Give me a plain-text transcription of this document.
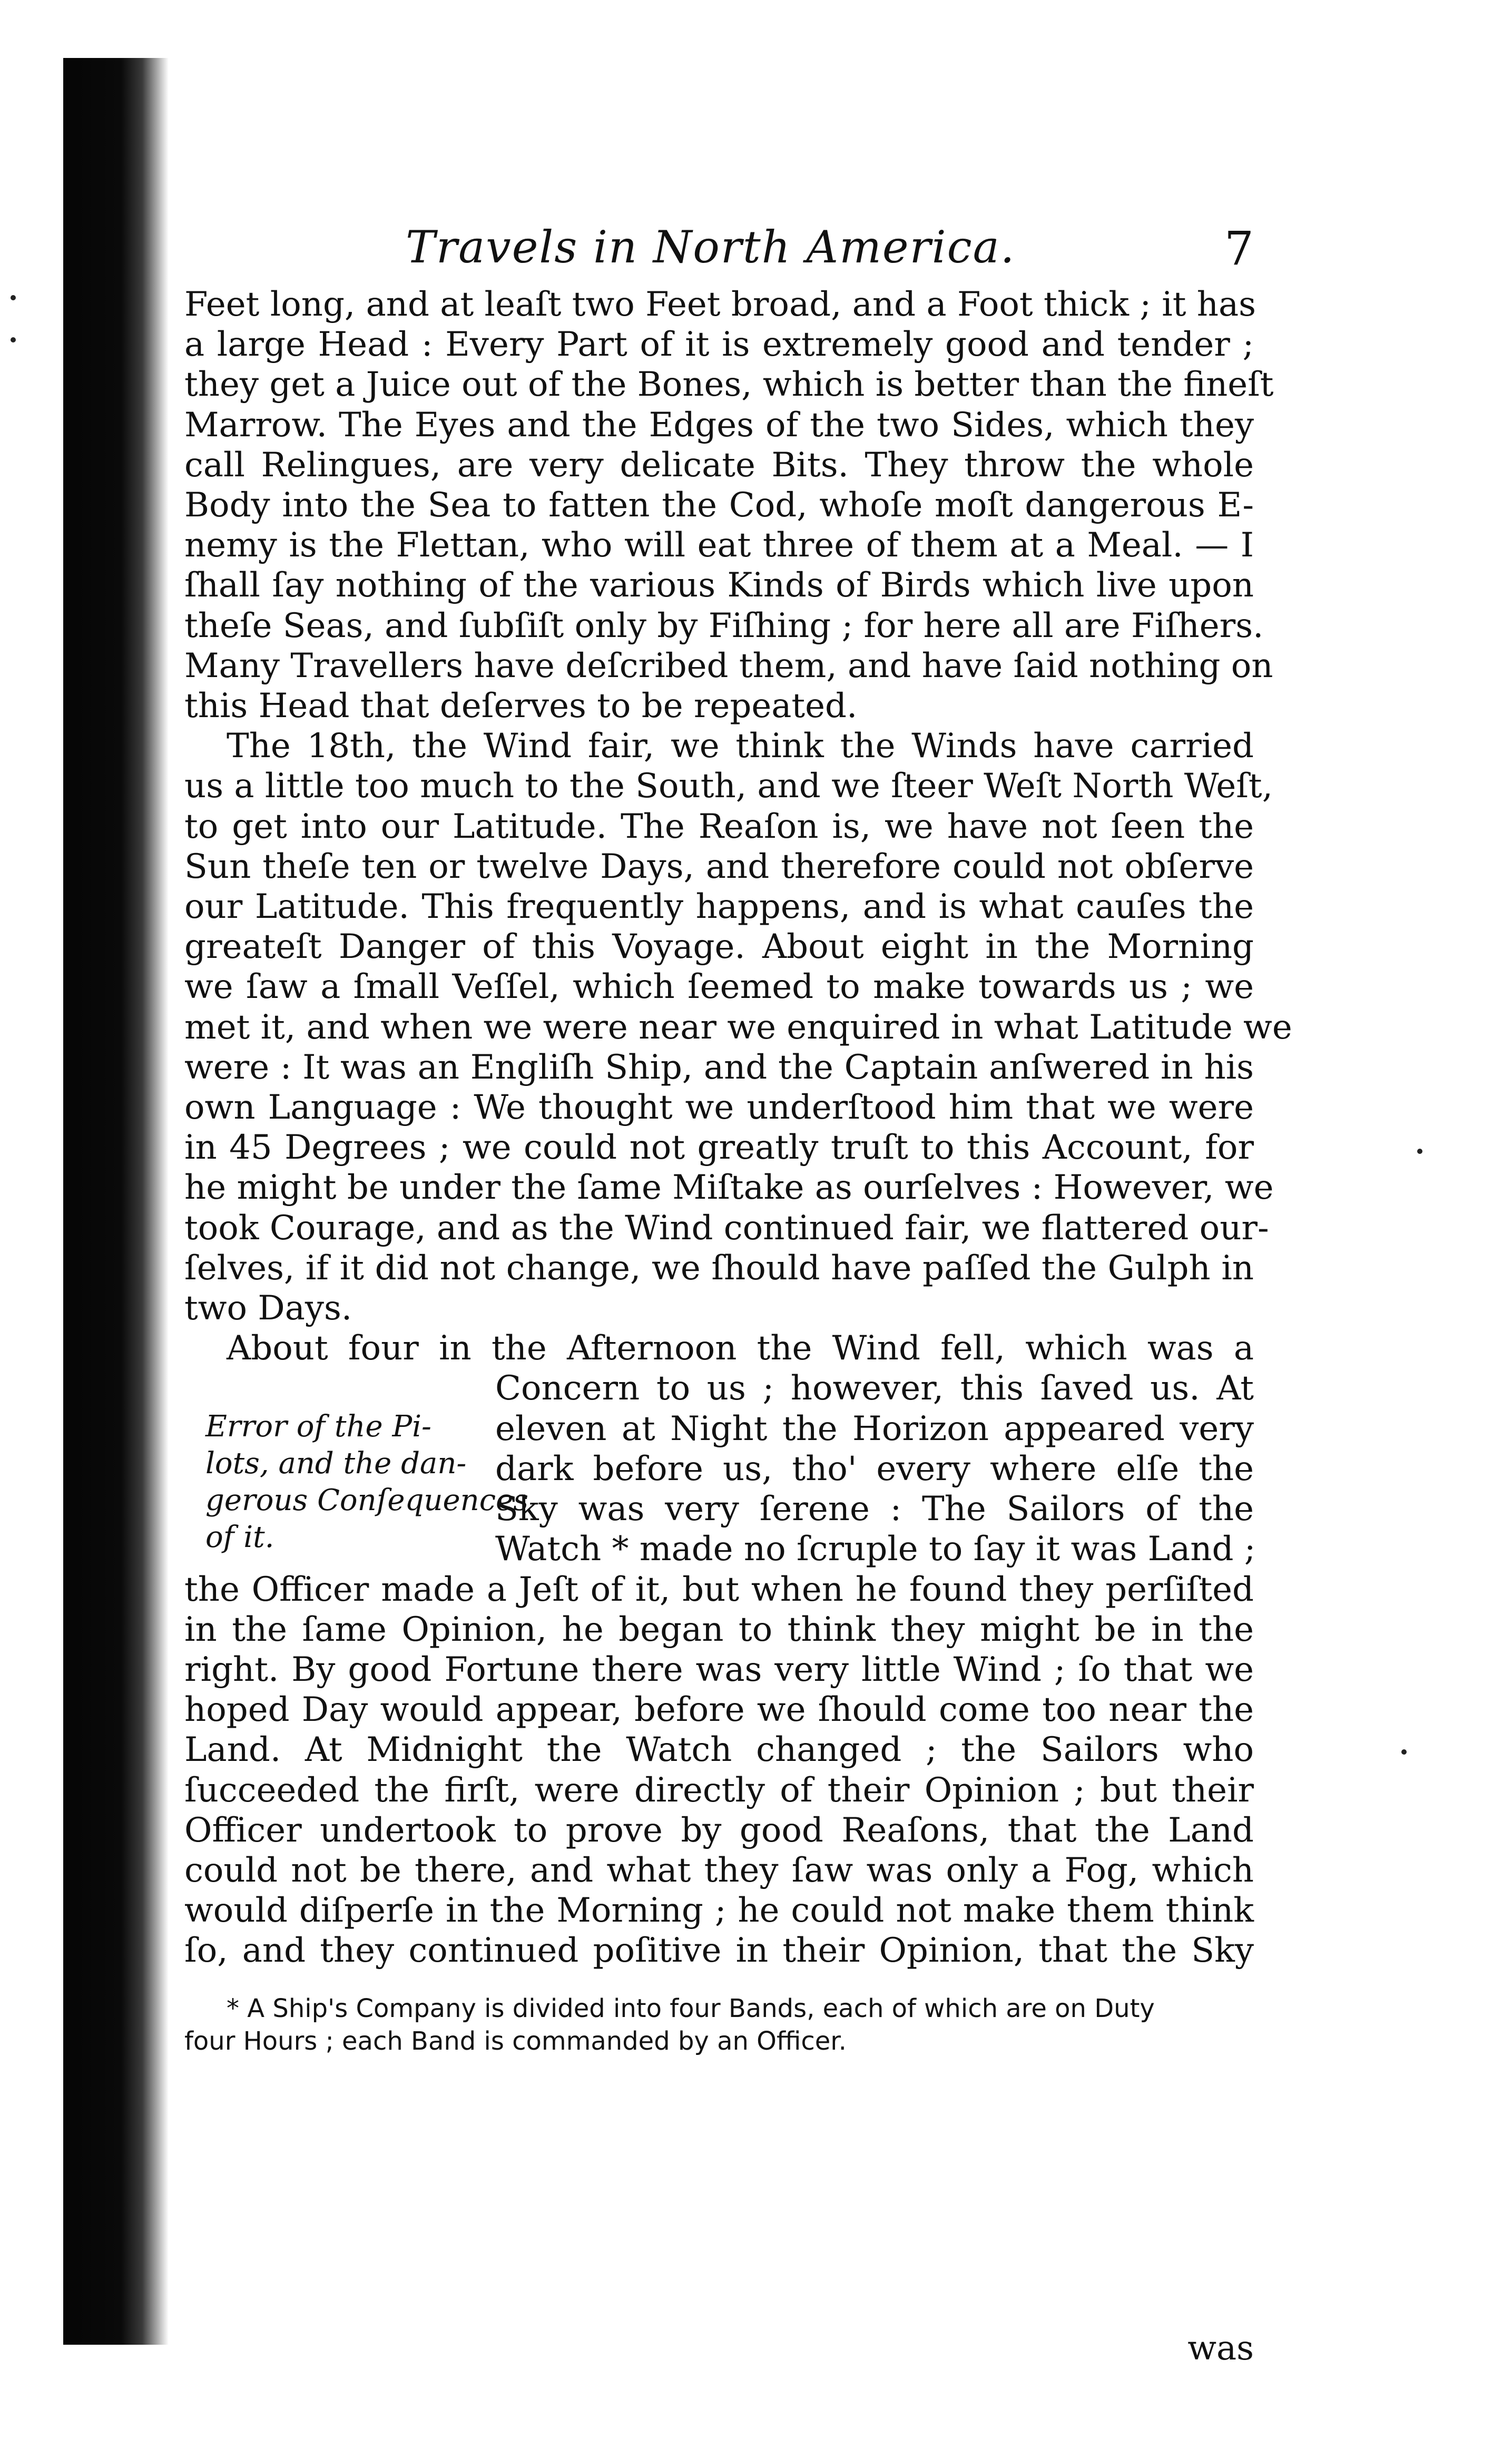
Travels in North America.	7
Feet long, and at leaſt two Feet broad, and a Foot thick ; it has
a large Head : Every Part of it is extremely good and tender ;
they get a Juice out of the Bones, which is better than the fineſt
Marrow. The Eyes and the Edges of the two Sides, which they
call Relingues, are very delicate Bits. They throw the whole
Body into the Sea to fatten the Cod, whoſe moſt dangerous E-
nemy is the Flettan, who will eat three of them at a Meal. — I
ſhall ſay nothing of the various Kinds of Birds which live upon
theſe Seas, and ſubſiſt only by Fiſhing ; for here all are Fiſhers.
Many Travellers have deſcribed them, and have ſaid nothing on
this Head that deſerves to be repeated.
The 18th, the Wind fair, we think the Winds have carried
us a little too much to the South, and we ſteer Weſt North Weſt,
to get into our Latitude. The Reaſon is, we have not ſeen the
Sun theſe ten or twelve Days, and therefore could not obſerve
our Latitude. This frequently happens, and is what cauſes the
greateſt Danger of this Voyage. About eight in the Morning
we ſaw a ſmall Veſſel, which ſeemed to make towards us ; we
met it, and when we were near we enquired in what Latitude we
were : It was an Engliſh Ship, and the Captain anſwered in his
own Language : We thought we underſtood him that we were
in 45 Degrees ; we could not greatly truſt to this Account, for
he might be under the ſame Miſtake as ourſelves : However, we
took Courage, and as the Wind continued fair, we flattered our-
ſelves, if it did not change, we ſhould have paſſed the Gulph in
two Days.
About four in the Afternoon the Wind fell, which was a
Error of the Pi-
lots, and the dan-
gerous Conſequences
of it.
Concern to us ; however, this ſaved us. At
eleven at Night the Horizon appeared very
dark before us, tho' every where elſe the
Sky was very ſerene : The Sailors of the
Watch * made no ſcruple to ſay it was Land ;
the Officer made a Jeſt of it, but when he found they perſiſted
in the ſame Opinion, he began to think they might be in the
right. By good Fortune there was very little Wind ; ſo that we
hoped Day would appear, before we ſhould come too near the
Land. At Midnight the Watch changed ; the Sailors who
ſucceeded the firſt, were directly of their Opinion ; but their
Officer undertook to prove by good Reaſons, that the Land
could not be there, and what they ſaw was only a Fog, which
would diſperſe in the Morning ; he could not make them think
ſo, and they continued poſitive in their Opinion, that the Sky
* A Ship's Company is divided into four Bands, each of which are on Duty
four Hours ; each Band is commanded by an Officer.
was
